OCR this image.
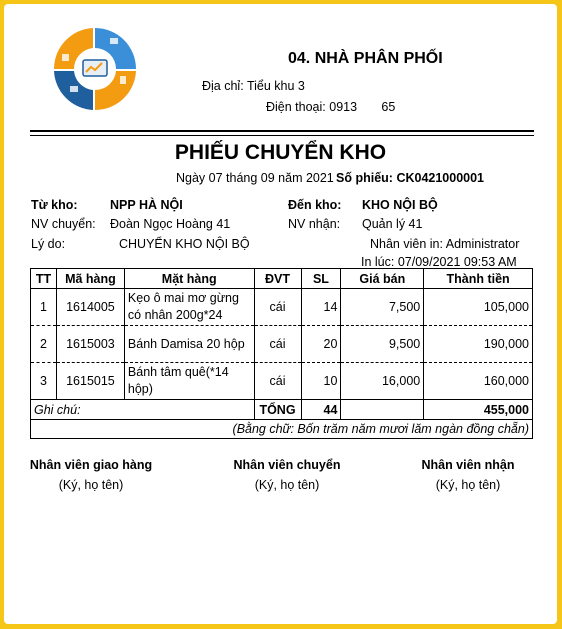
04. NHÀ PHÂN PHỐI
Địa chỉ: Tiểu khu 3
Điện thoại: 0913       65
PHIẾU CHUYỂN KHO
Ngày 07 tháng 09 năm 2021 Số phiếu: CK0421000001
Từ kho:	NPP HÀ NỘI	Đến kho: KHO NỘI BỘ
NV chuyển: Đoàn Ngọc Hoàng 41	NV nhận: Quản lý 41
Lý do:	CHUYỂN KHO NỘI BỘ	Nhân viên in: Administrator
In lúc: 07/09/2021 09:53 AM
TT	Mã hàng	Mặt hàng	ĐVT	SL	Giá bán	Thành tiền
1	1614005	Kẹo ô mai mơ gừng có nhân 200g*24	cái	14	7,500	105,000
2	1615003	Bánh Damisa 20 hộp	cái	20	9,500	190,000
3	1615015	Bánh tâm quê(*14 hộp)	cái	10	16,000	160,000
Ghi chú:			TỔNG	44		455,000
(Bằng chữ: Bốn trăm năm mươi lăm ngàn đồng chẵn)						
Nhân viên giao hàng
(Ký, họ tên)
Nhân viên chuyển
(Ký, họ tên)
Nhân viên nhận
(Ký, họ tên)
